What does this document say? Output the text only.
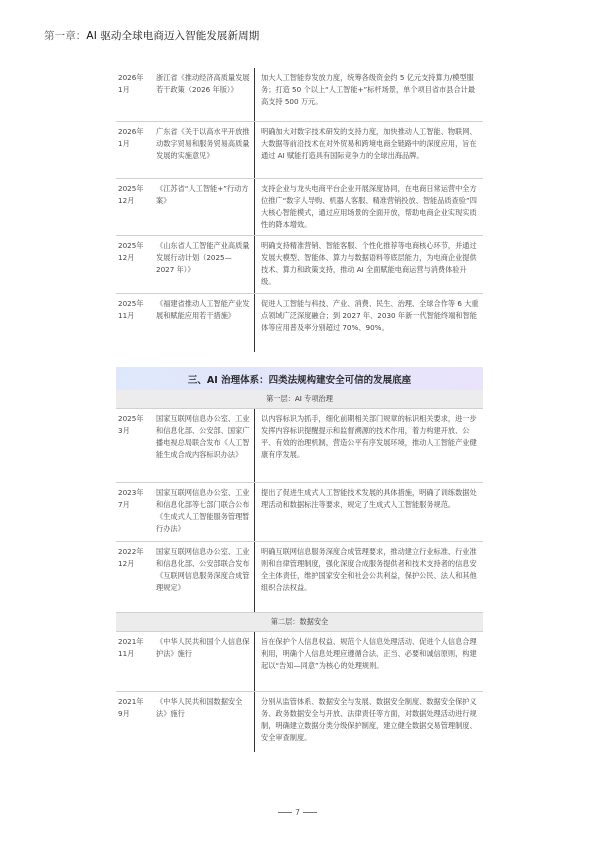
第一章：AI 驱动全球电商迈入智能发展新周期
2026年
1月
浙江省《推动经济高质量发展若干政策（2026 年版）》
加大人工智能券发放力度，统筹各级资金约 5 亿元支持算力/模型服务；打造 50 个以上“人工智能+”标杆场景，单个项目省市县合计最高支持 500 万元。
2026年
1月
广东省《关于以高水平开放推动数字贸易和服务贸易高质量发展的实施意见》
明确加大对数字技术研发的支持力度，加快推动人工智能、物联网、大数据等前沿技术在对外贸易和跨境电商全链路中的深度应用，旨在通过 AI 赋能打造具有国际竞争力的全球出海品牌。
2025年
12月
《江苏省“人工智能+”行动方案》
支持企业与龙头电商平台企业开展深度协同，在电商日常运营中全方位推广“数字人导购、机器人客服、精准营销投放、智能品质查验”四大核心智能模式，通过应用场景的全面开放，帮助电商企业实现实质性的降本增效。
2025年
12月
《山东省人工智能产业高质量发展行动计划（2025—2027 年）》
明确支持精准营销、智能客服、个性化推荐等电商核心环节，并通过发展大模型、智能体、算力与数据语料等底层能力，为电商企业提供技术、算力和政策支持，推动 AI 全面赋能电商运营与消费体验升级。
2025年
11月
《福建省推动人工智能产业发展和赋能应用若干措施》
促进人工智能与科技、产业、消费、民生、治理、全球合作等 6 大重点领域广泛深度融合；到 2027 年、2030 年新一代智能终端和智能体等应用普及率分别超过 70%、90%。
三、AI 治理体系：四类法规构建安全可信的发展底座
第一层：AI 专项治理
2025年
3月
国家互联网信息办公室、工业和信息化部、公安部、国家广播电视总局联合发布《人工智能生成合成内容标识办法》
以内容标识为抓手，细化前期相关部门规章的标识相关要求，进一步发挥内容标识提醒提示和监督溯源的技术作用，着力构建开放、公平、有效的治理机制，营造公平有序发展环境，推动人工智能产业健康有序发展。
2023年
7月
国家互联网信息办公室、工业和信息化部等七部门联合公布《生成式人工智能服务管理暂行办法》
提出了促进生成式人工智能技术发展的具体措施，明确了训练数据处理活动和数据标注等要求，规定了生成式人工智能服务规范。
2022年
12月
国家互联网信息办公室、工业和信息化部、公安部联合发布《互联网信息服务深度合成管理规定》
明确互联网信息服务深度合成管理要求，推动建立行业标准、行业准则和自律管理制度，强化深度合成服务提供者和技术支持者的信息安全主体责任，维护国家安全和社会公共利益，保护公民、法人和其他组织合法权益。
第二层：数据安全
2021年
11月
《中华人民共和国个人信息保护法》施行
旨在保护个人信息权益、规范个人信息处理活动、促进个人信息合理利用，明确个人信息处理应遵循合法、正当、必要和诚信原则，构建起以“告知—同意”为核心的处理规则。
2021年
9月
《中华人民共和国数据安全法》施行
分别从监管体系、数据安全与发展、数据安全制度、数据安全保护义务、政务数据安全与开放、法律责任等方面，对数据处理活动进行规制，明确建立数据分类分级保护制度，建立健全数据交易管理制度、安全审查制度。
7
